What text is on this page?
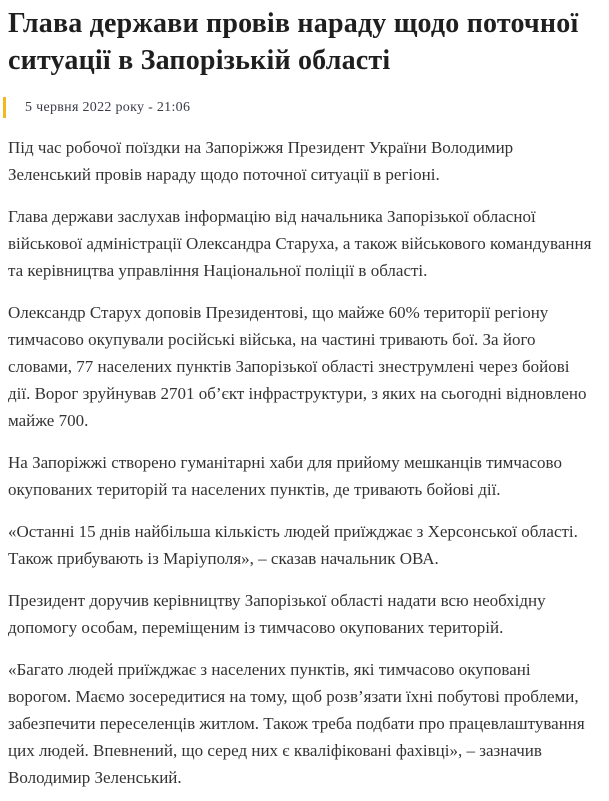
Глава держави провів нараду щодо поточної ситуації в Запорізькій області
5 червня 2022 року - 21:06

Під час робочої поїздки на Запоріжжя Президент України Володимир Зеленський провів нараду щодо поточної ситуації в регіоні.

Глава держави заслухав інформацію від начальника Запорізької обласної військової адміністрації Олександра Старуха, а також військового командування та керівництва управління Національної поліції в області.

Олександр Старух доповів Президентові, що майже 60% території регіону тимчасово окупували російські війська, на частині тривають бої. За його словами, 77 населених пунктів Запорізької області знеструмлені через бойові дії. Ворог зруйнував 2701 об’єкт інфраструктури, з яких на сьогодні відновлено майже 700.

На Запоріжжі створено гуманітарні хаби для прийому мешканців тимчасово окупованих територій та населених пунктів, де тривають бойові дії.

«Останні 15 днів найбільша кількість людей приїжджає з Херсонської області. Також прибувають із Маріуполя», – сказав начальник ОВА.

Президент доручив керівництву Запорізької області надати всю необхідну допомогу особам, переміщеним із тимчасово окупованих територій.

«Багато людей приїжджає з населених пунктів, які тимчасово окуповані ворогом. Маємо зосередитися на тому, щоб розв’язати їхні побутові проблеми, забезпечити переселенців житлом. Також треба подбати про працевлаштування цих людей. Впевнений, що серед них є кваліфіковані фахівці», – зазначив Володимир Зеленський.
